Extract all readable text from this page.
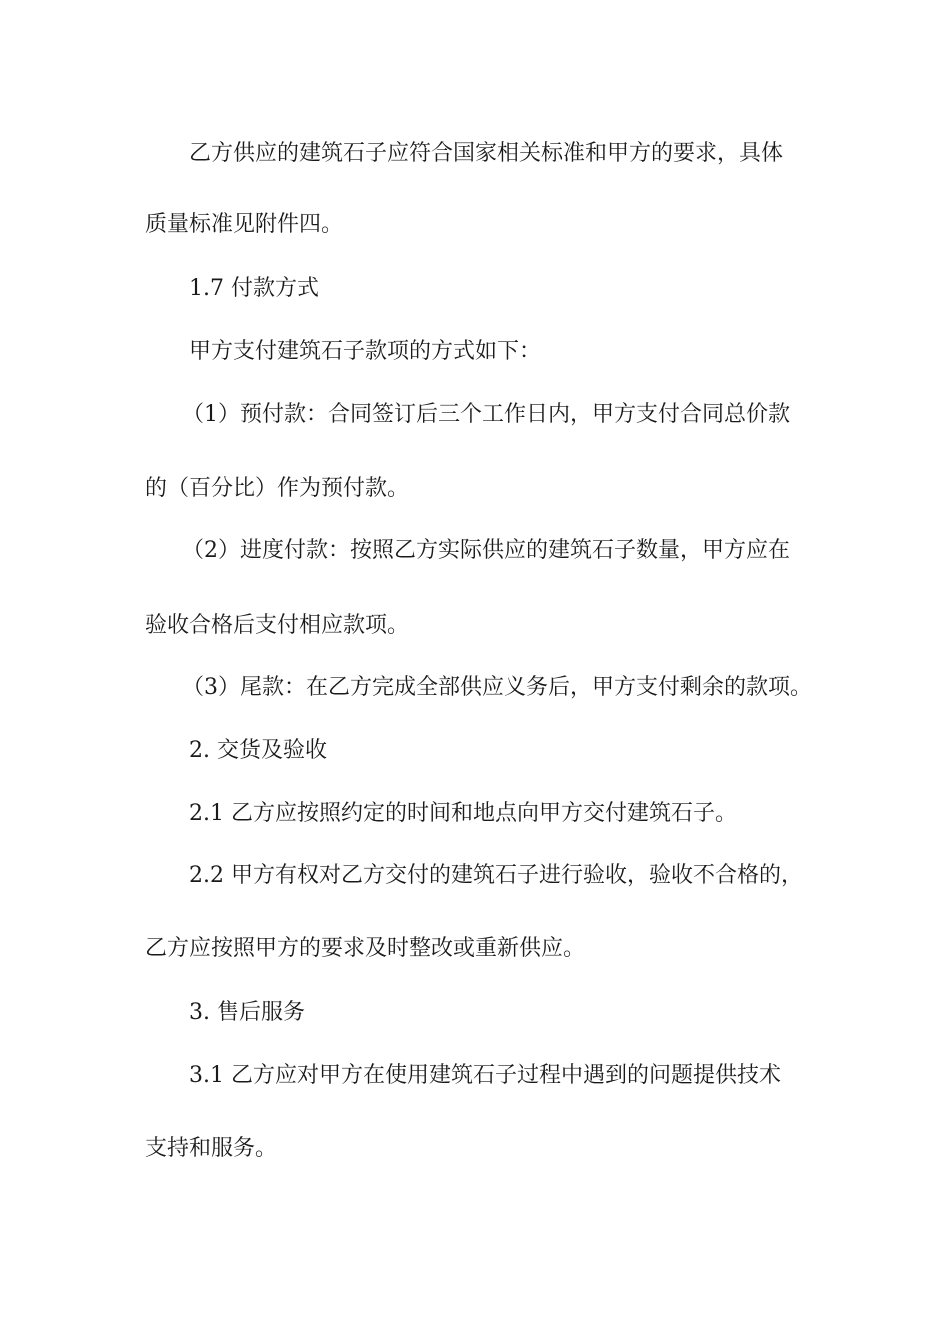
乙方供应的建筑石子应符合国家相关标准和甲方的要求，具体

质量标准见附件四。

1.7 付款方式

甲方支付建筑石子款项的方式如下：

（1）预付款：合同签订后三个工作日内，甲方支付合同总价款

的（百分比）作为预付款。

（2）进度付款：按照乙方实际供应的建筑石子数量，甲方应在

验收合格后支付相应款项。

（3）尾款：在乙方完成全部供应义务后，甲方支付剩余的款项。

2. 交货及验收

2.1 乙方应按照约定的时间和地点向甲方交付建筑石子。

2.2 甲方有权对乙方交付的建筑石子进行验收，验收不合格的，

乙方应按照甲方的要求及时整改或重新供应。

3. 售后服务

3.1 乙方应对甲方在使用建筑石子过程中遇到的问题提供技术

支持和服务。
